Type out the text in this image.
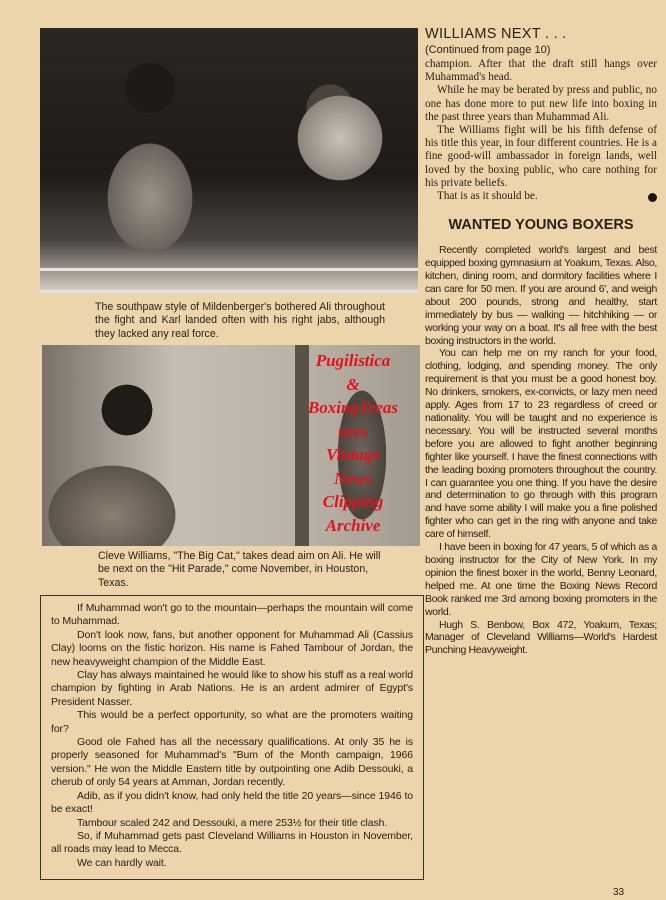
The southpaw style of Mildenberger's bothered Ali throughout the fight and Karl landed often with his right jabs, although they lacked any real force.
Pugilistica
&
BoxingTreas
ures
Vintage
News
Clipping
Archive
Cleve Williams, "The Big Cat," takes dead aim on Ali. He will be next on the "Hit Parade," come November, in Houston, Texas.

If Muhammad won't go to the mountain—perhaps the mountain will come to Muhammad.

Don't look now, fans, but another opponent for Muhammad Ali (Cassius Clay) looms on the fistic horizon. His name is Fahed Tambour of Jordan, the new heavyweight champion of the Middle East.

Clay has always maintained he would like to show his stuff as a real world champion by fighting in Arab Nations. He is an ardent admirer of Egypt's President Nasser.

This would be a perfect opportunity, so what are the promoters waiting for?

Good ole Fahed has all the necessary qualifications. At only 35 he is properly seasoned for Muhammad's "Bum of the Month campaign, 1966 version." He won the Middle Eastern title by outpointing one Adib Dessouki, a cherub of only 54 years at Amman, Jordan recently.

Adib, as if you didn't know, had only held the title 20 years—since 1946 to be exact!

Tambour scaled 242 and Dessouki, a mere 253½ for their title clash.

So, if Muhammad gets past Cleveland Williams in Houston in November, all roads may lead to Mecca.

We can hardly wait.

WILLIAMS NEXT . . .
(Continued from page 10)
champion. After that the draft still hangs over Muhammad's head.

While he may be berated by press and public, no one has done more to put new life into boxing in the past three years than Muhammad Ali.

The Williams fight will be his fifth defense of his title this year, in four different countries. He is a fine good-will ambassador in foreign lands, well loved by the boxing public, who care nothing for his private beliefs.

That is as it should be.

WANTED YOUNG BOXERS

Recently completed world's largest and best equipped boxing gymnasium at Yoakum, Texas. Also, kitchen, dining room, and dormitory facilities where I can care for 50 men. If you are around 6', and weigh about 200 pounds, strong and healthy, start immediately by bus — walking — hitchhiking — or working your way on a boat. It's all free with the best boxing instructors in the world.

You can help me on my ranch for your food, clothing, lodging, and spending money. The only requirement is that you must be a good honest boy. No drinkers, smokers, ex-convicts, or lazy men need apply. Ages from 17 to 23 regardless of creed or nationality. You will be taught and no experience is necessary. You will be instructed several months before you are allowed to fight another beginning fighter like yourself. I have the finest connections with the leading boxing promoters throughout the country. I can guarantee you one thing. If you have the desire and determination to go through with this program and have some ability I will make you a fine polished fighter who can get in the ring with anyone and take care of himself.

I have been in boxing for 47 years, 5 of which as a boxing instructor for the City of New York. In my opinion the finest boxer in the world, Benny Leonard, helped me. At one time the Boxing News Record Book ranked me 3rd among boxing promoters in the world.

Hugh S. Benbow, Box 472, Yoakum, Texas; Manager of Cleveland Williams—World's Hardest Punching Heavyweight.

33
